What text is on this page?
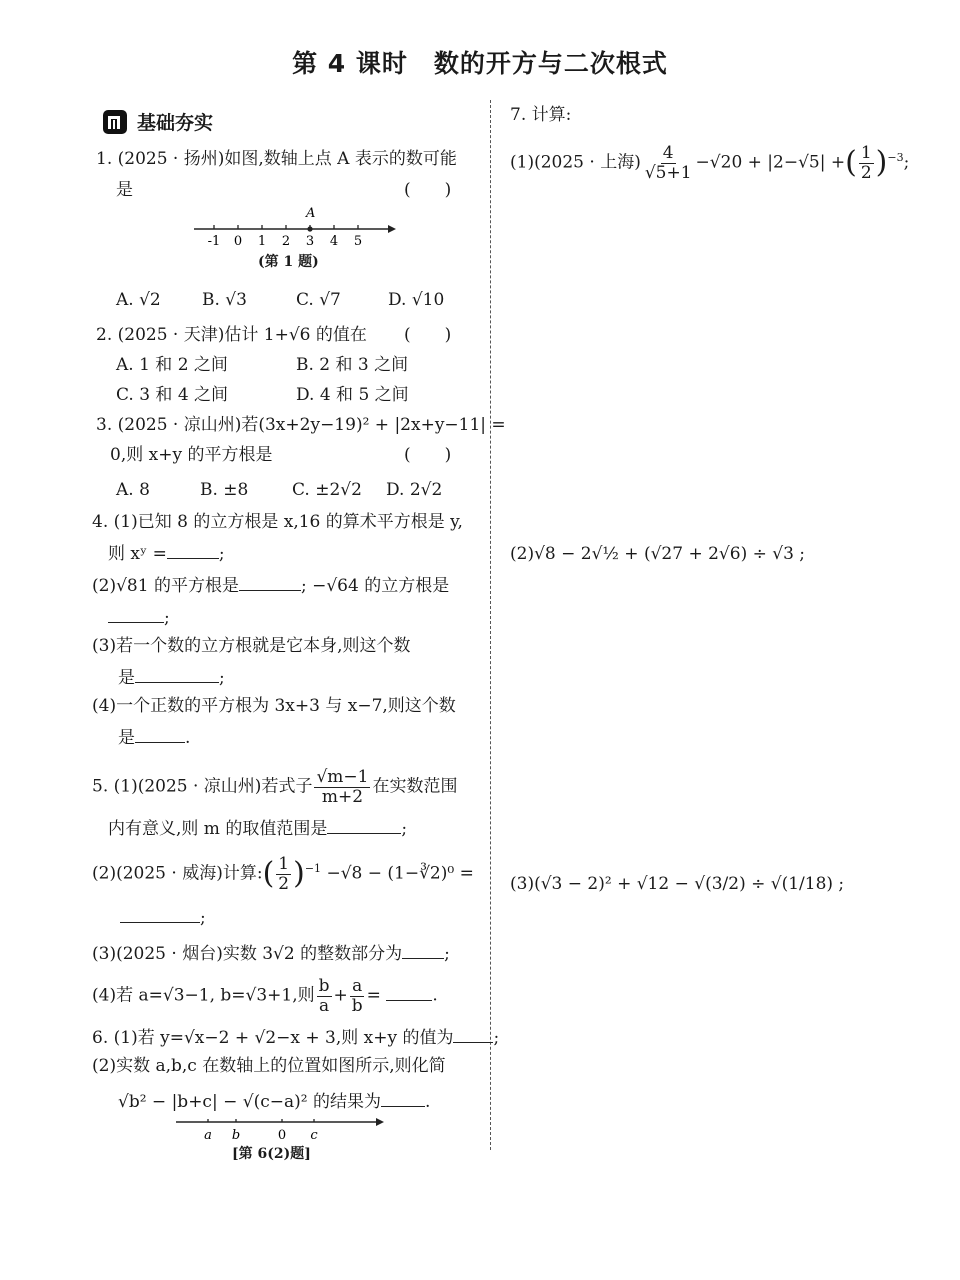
第 4 课时 数的开方与二次根式
基础夯实
1. (2025 · 扬州)如图,数轴上点 A 表示的数可能
是	(　　)
-1 0 1 2 3 4 5
A
(第 1 题)
A. √2 B. √3	C. √7	D. √10
2. (2025 · 天津)估计 1+√6 的值在 (　　)
A. 1 和 2 之间	B. 2 和 3 之间
C. 3 和 4 之间	D. 4 和 5 之间
3. (2025 · 凉山州)若(3x+2y−19)² + |2x+y−11| =
0,则 x+y 的平方根是	(　　)
A. 8	B. ±8	C. ±2√2 D. 2√2
4. (1)已知 8 的立方根是 x,16 的算术平方根是 y,
则 xʸ =	;
(2)√81 的平方根是	; −√64 的立方根是
;
(3)若一个数的立方根就是它本身,则这个数
是	;
(4)一个正数的平方根为 3x+3 与 x−7,则这个数
是	.
5. (1)(2025 · 凉山州)若式子 $\frac{√m-1}{m+2}$ 在实数范围
内有意义,则 m 的取值范围是	;
(2)(2025 · 威海)计算:( $\frac{1}{2} )^{-1} -√8$ − (1−∛2)⁰ =
;
(3)(2025 · 烟台)实数 3√2 的整数部分为 ;
(4)若 a=√3−1, b=√3+1,则 $\frac{b}{a} + \frac{a}{b}$ =	.
6. (1)若 y=√x−2 + √2−x + 3,则 x+y 的值为 ;
(2)实数 a,b,c 在数轴上的位置如图所示,则化简
√b² − |b+c| − √(c−a)² 的结果为	.
a b	0 c
[第 6(2)题]
7. 计算:
(1)(2025 · 上海) $\frac{4}{√5+1} -√20 + |2-√5|$ +( $\frac{1}{2} )^{-3}$;
(2)√8 − 2√½ + (√27 + 2√6) ÷ √3 ;
(3)(√3 − 2)² + √12 − √(3/2) ÷ √(1/18) ;
